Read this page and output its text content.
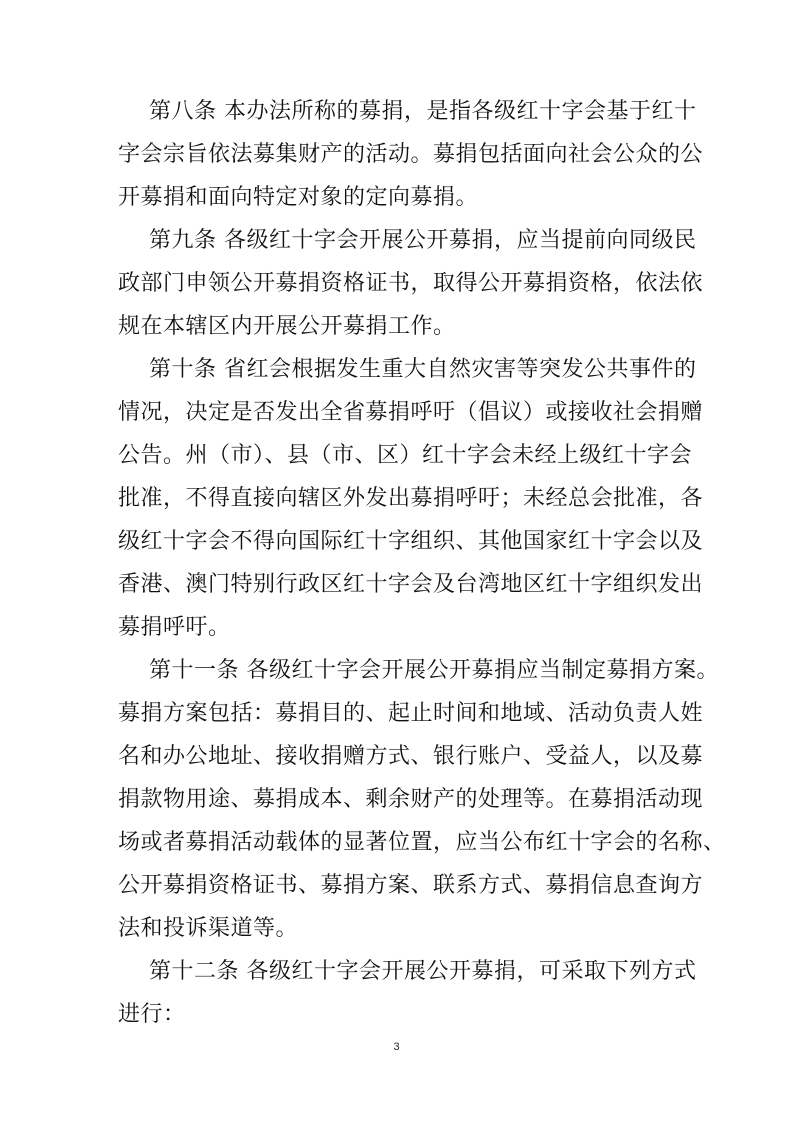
第八条 本办法所称的募捐，是指各级红十字会基于红十
字会宗旨依法募集财产的活动。募捐包括面向社会公众的公
开募捐和面向特定对象的定向募捐。
第九条 各级红十字会开展公开募捐，应当提前向同级民
政部门申领公开募捐资格证书，取得公开募捐资格，依法依
规在本辖区内开展公开募捐工作。
第十条 省红会根据发生重大自然灾害等突发公共事件的
情况，决定是否发出全省募捐呼吁（倡议）或接收社会捐赠
公告。州（市）、县（市、区）红十字会未经上级红十字会
批准，不得直接向辖区外发出募捐呼吁；未经总会批准，各
级红十字会不得向国际红十字组织、其他国家红十字会以及
香港、澳门特别行政区红十字会及台湾地区红十字组织发出
募捐呼吁。
第十一条 各级红十字会开展公开募捐应当制定募捐方案。
募捐方案包括：募捐目的、起止时间和地域、活动负责人姓
名和办公地址、接收捐赠方式、银行账户、受益人，以及募
捐款物用途、募捐成本、剩余财产的处理等。在募捐活动现
场或者募捐活动载体的显著位置，应当公布红十字会的名称、
公开募捐资格证书、募捐方案、联系方式、募捐信息查询方
法和投诉渠道等。
第十二条 各级红十字会开展公开募捐，可采取下列方式
进行：
3
